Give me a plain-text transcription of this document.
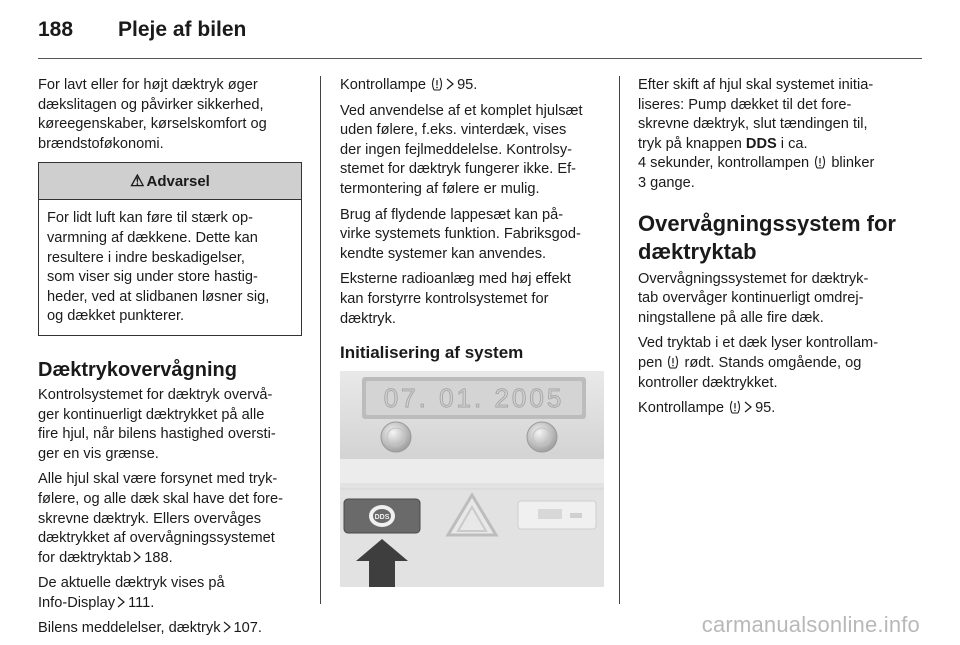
188 Pleje af bilen

For lavt eller for højt dæktryk øger
dækslitagen og påvirker sikkerhed,
køreegenskaber, kørselskomfort og
brændstoføkonomi.

⚠ Advarsel
For lidt luft kan føre til stærk op-
varmning af dækkene. Dette kan
resultere i indre beskadigelser,
som viser sig under store hastig-
heder, ved at slidbanen løsner sig,
og dækket punkterer.
Dæktrykovervågning

Kontrolsystemet for dæktryk overvå-
ger kontinuerligt dæktrykket på alle
fire hjul, når bilens hastighed oversti-
ger en vis grænse.

Alle hjul skal være forsynet med tryk-
følere, og alle dæk skal have det fore-
skrevne dæktryk. Ellers overvåges
dæktrykket af overvågningssystemet
for dæktryktab 188.

De aktuelle dæktryk vises på
Info-Display 111.

Bilens meddelelser, dæktryk 107.

Kontrollampe 95.

Ved anvendelse af et komplet hjulsæt
uden følere, f.eks. vinterdæk, vises
der ingen fejlmeddelelse. Kontrolsy-
stemet for dæktryk fungerer ikke. Ef-
termontering af følere er mulig.

Brug af flydende lappesæt kan på-
virke systemets funktion. Fabriksgod-
kendte systemer kan anvendes.

Eksterne radioanlæg med høj effekt
kan forstyrre kontrolsystemet for
dæktryk.

Initialisering af system
07. 01. 2005
DDS

Efter skift af hjul skal systemet initia-
liseres: Pump dækket til det fore-
skrevne dæktryk, slut tændingen til,
tryk på knappen DDS i ca.
4 sekunder, kontrollampen blinker
3 gange.

Overvågningssystem for
dæktryktab

Overvågningssystemet for dæktryk-
tab overvåger kontinuerligt omdrej-
ningstallene på alle fire dæk.

Ved tryktab i et dæk lyser kontrollam-
pen rødt. Stands omgående, og
kontroller dæktrykket.

Kontrollampe 95.

carmanualsonline.info
